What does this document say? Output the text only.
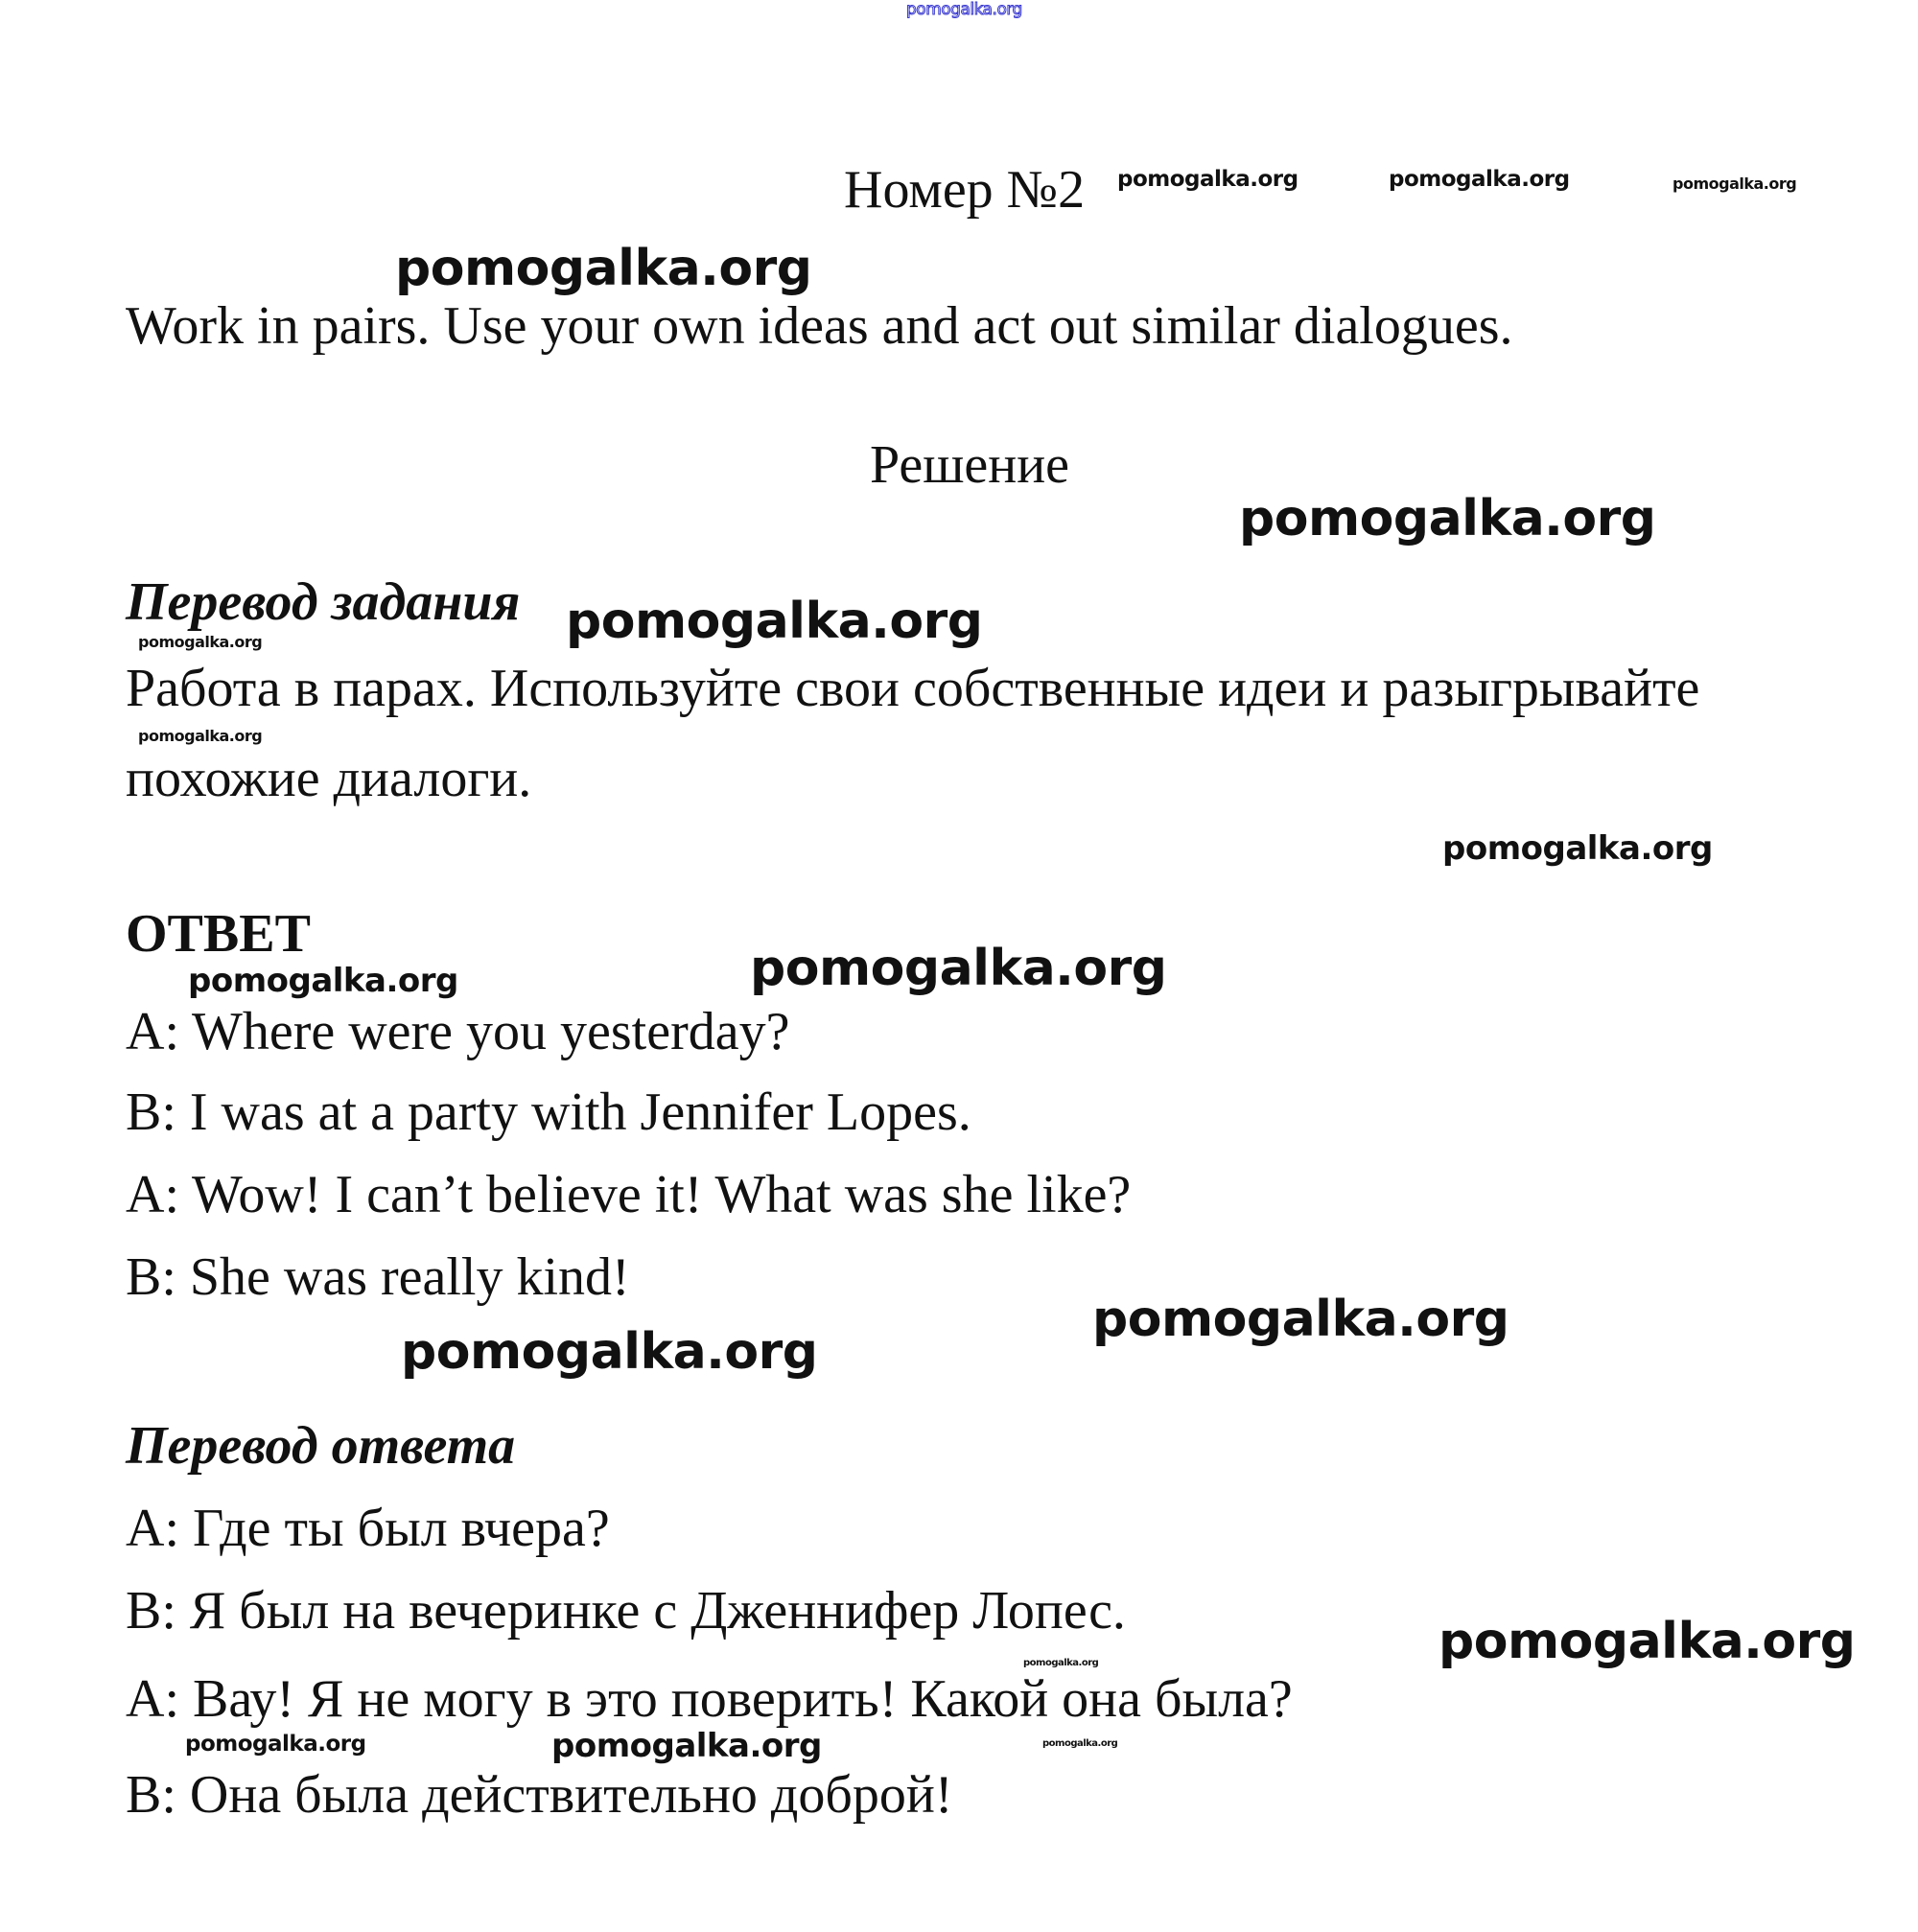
pomogalka.org
Номер №2 pomogalka.org	pomogalka.org	pomogalka.org
pomogalka.org
Work in pairs. Use your own ideas and act out similar dialogues.
Решение
pomogalka.org
Перевод задания pomogalka.org
pomogalka.org
Работа в парах. Используйте свои собственные идеи и разыгрывайте
pomogalka.org
похожие диалоги.
pomogalka.org
ОТВЕТ
pomogalka.org	pomogalka.org
A: Where were you yesterday?
B: I was at a party with Jennifer Lopes.
A: Wow! I can’t believe it! What was she like?
B: She was really kind!
pomogalka.org
pomogalka.org
Перевод ответа
A: Где ты был вчера?
B: Я был на вечеринке с Дженнифер Лопес.
pomogalka.org	pomogalka.org
A: Вау! Я не могу в это поверить! Какой она была?
pomogalka.org	pomogalka.org	pomogalka.org
B: Она была действительно доброй!
